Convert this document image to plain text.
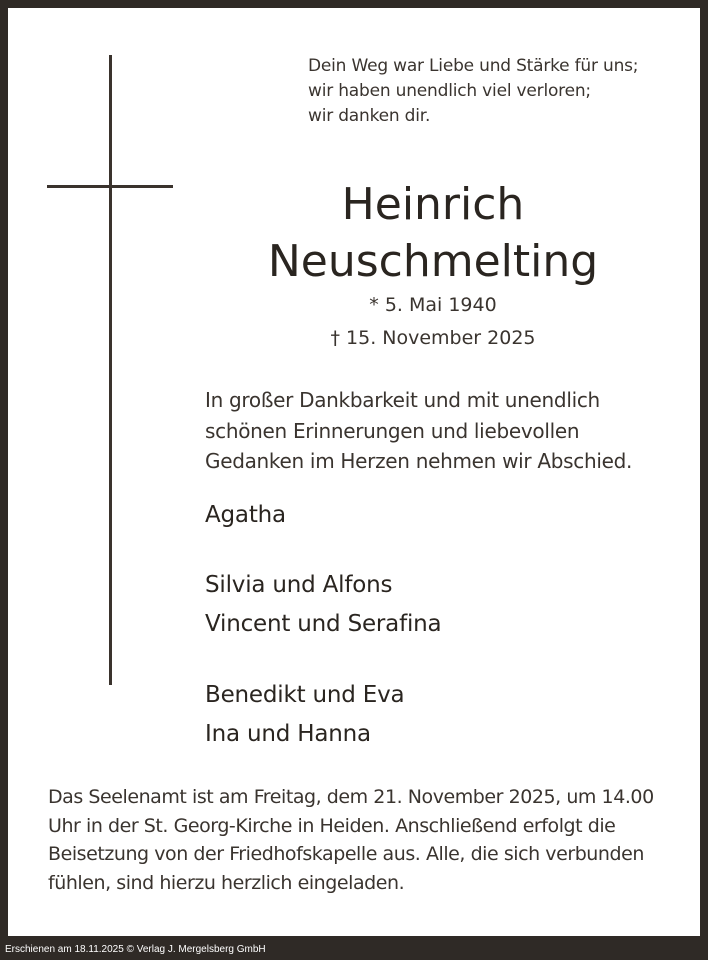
Dein Weg war Liebe und Stärke für uns;
wir haben unendlich viel verloren;
wir danken dir.
Heinrich
Neuschmelting
* 5. Mai 1940
† 15. November 2025
In großer Dankbarkeit und mit unendlich
schönen Erinnerungen und liebevollen
Gedanken im Herzen nehmen wir Abschied.
Agatha
Silvia und Alfons
Vincent und Serafina
Benedikt und Eva
Ina und Hanna
Das Seelenamt ist am Freitag, dem 21. November 2025, um 14.00
Uhr in der St. Georg-Kirche in Heiden. Anschließend erfolgt die
Beisetzung von der Friedhofskapelle aus. Alle, die sich verbunden
fühlen, sind hierzu herzlich eingeladen.
Erschienen am 18.11.2025 © Verlag J. Mergelsberg GmbH
